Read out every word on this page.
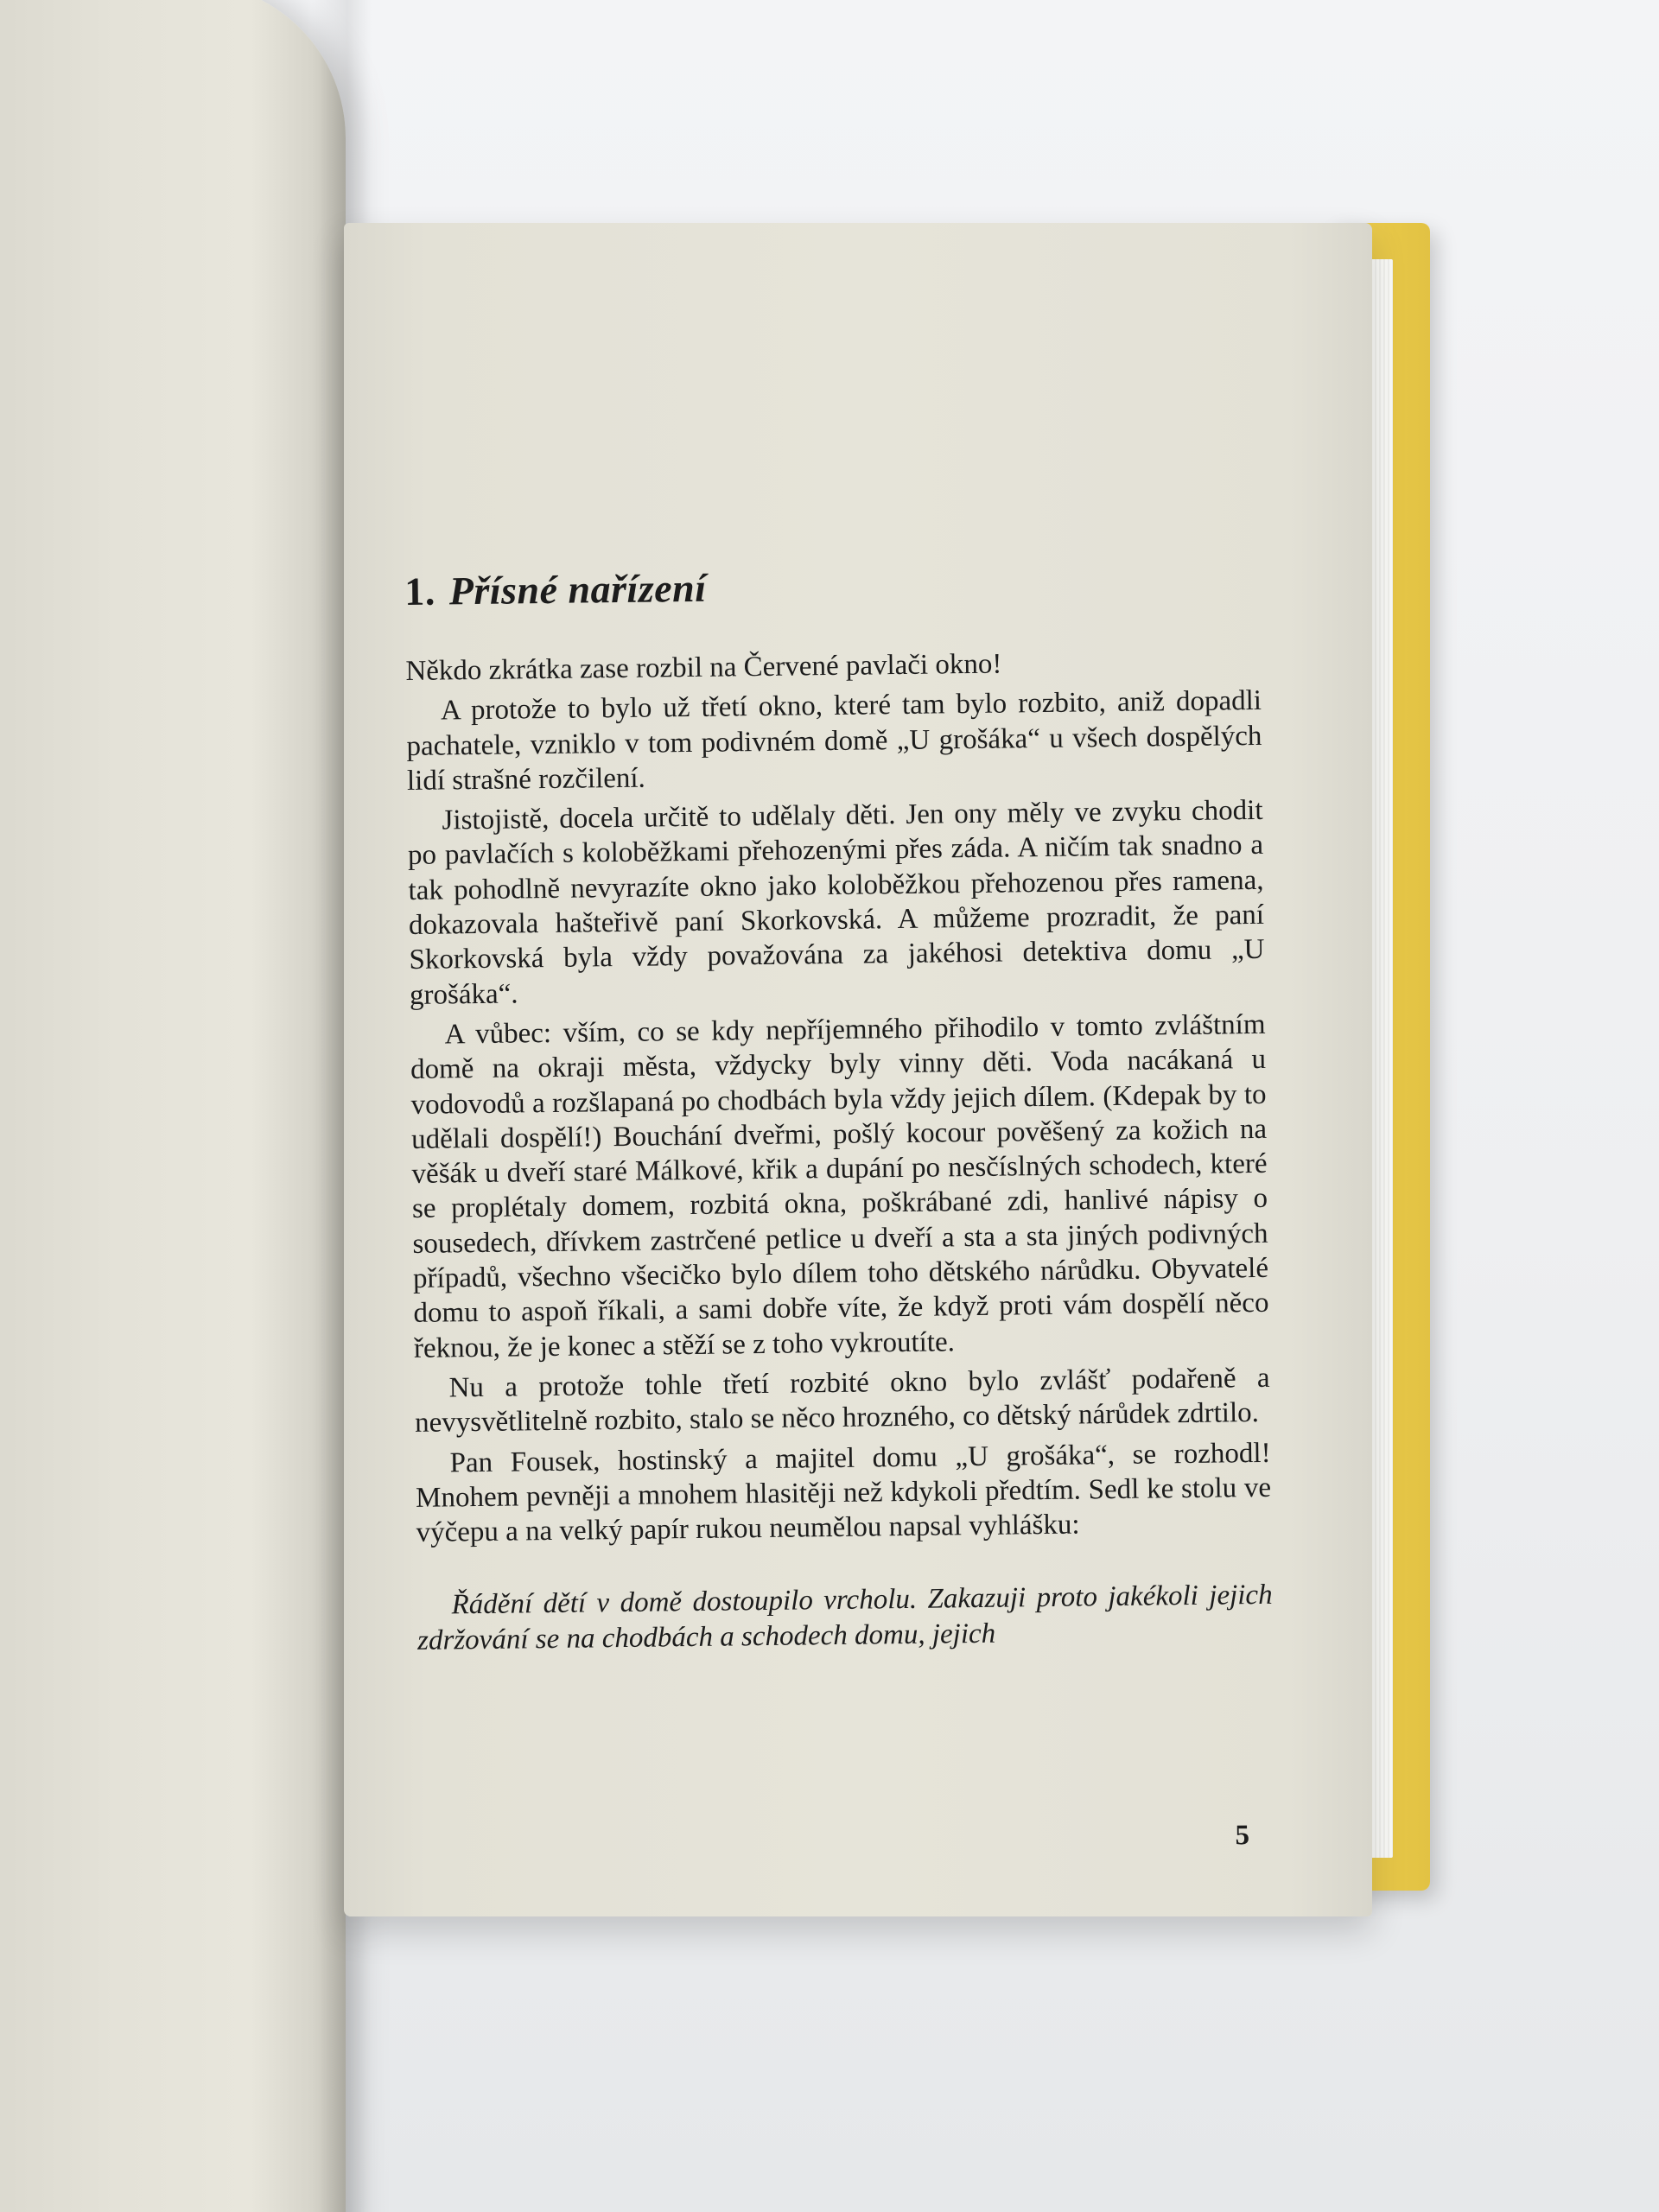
1. Přísné nařízení

Někdo zkrátka zase rozbil na Červené pavlači okno!

A protože to bylo už třetí okno, které tam bylo rozbito, aniž dopadli pachatele, vzniklo v tom podivném domě „U grošáka“ u všech dospělých lidí strašné rozčilení.

Jistojistě, docela určitě to udělaly děti. Jen ony měly ve zvyku chodit po pavlačích s koloběžkami přehozenými přes záda. A ničím tak snadno a tak pohodlně nevyrazíte okno jako koloběžkou přehozenou přes ramena, dokazovala hašteřivě paní Skorkovská. A můžeme prozradit, že paní Skorkovská byla vždy považována za jakéhosi detektiva domu „U grošáka“.

A vůbec: vším, co se kdy nepříjemného přihodilo v tomto zvláštním domě na okraji města, vždycky byly vinny děti. Voda nacákaná u vodovodů a rozšlapaná po chodbách byla vždy jejich dílem. (Kdepak by to udělali dospělí!) Bouchání dveřmi, pošlý kocour pověšený za kožich na věšák u dveří staré Málkové, křik a dupání po nesčíslných schodech, které se proplétaly domem, rozbitá okna, poškrábané zdi, hanlivé nápisy o sousedech, dřívkem zastrčené petlice u dveří a sta a sta jiných podivných případů, všechno všecičko bylo dílem toho dětského nárůdku. Obyvatelé domu to aspoň říkali, a sami dobře víte, že když proti vám dospělí něco řeknou, že je konec a stěží se z toho vykroutíte.

Nu a protože tohle třetí rozbité okno bylo zvlášť podařeně a nevysvětlitelně rozbito, stalo se něco hrozného, co dětský nárůdek zdrtilo.

Pan Fousek, hostinský a majitel domu „U grošáka“, se rozhodl! Mnohem pevněji a mnohem hlasitěji než kdykoli předtím. Sedl ke stolu ve výčepu a na velký papír rukou neumělou napsal vyhlášku:

Řádění dětí v domě dostoupilo vrcholu. Zakazuji proto jakékoli jejich zdržování se na chodbách a schodech domu, jejich

5
